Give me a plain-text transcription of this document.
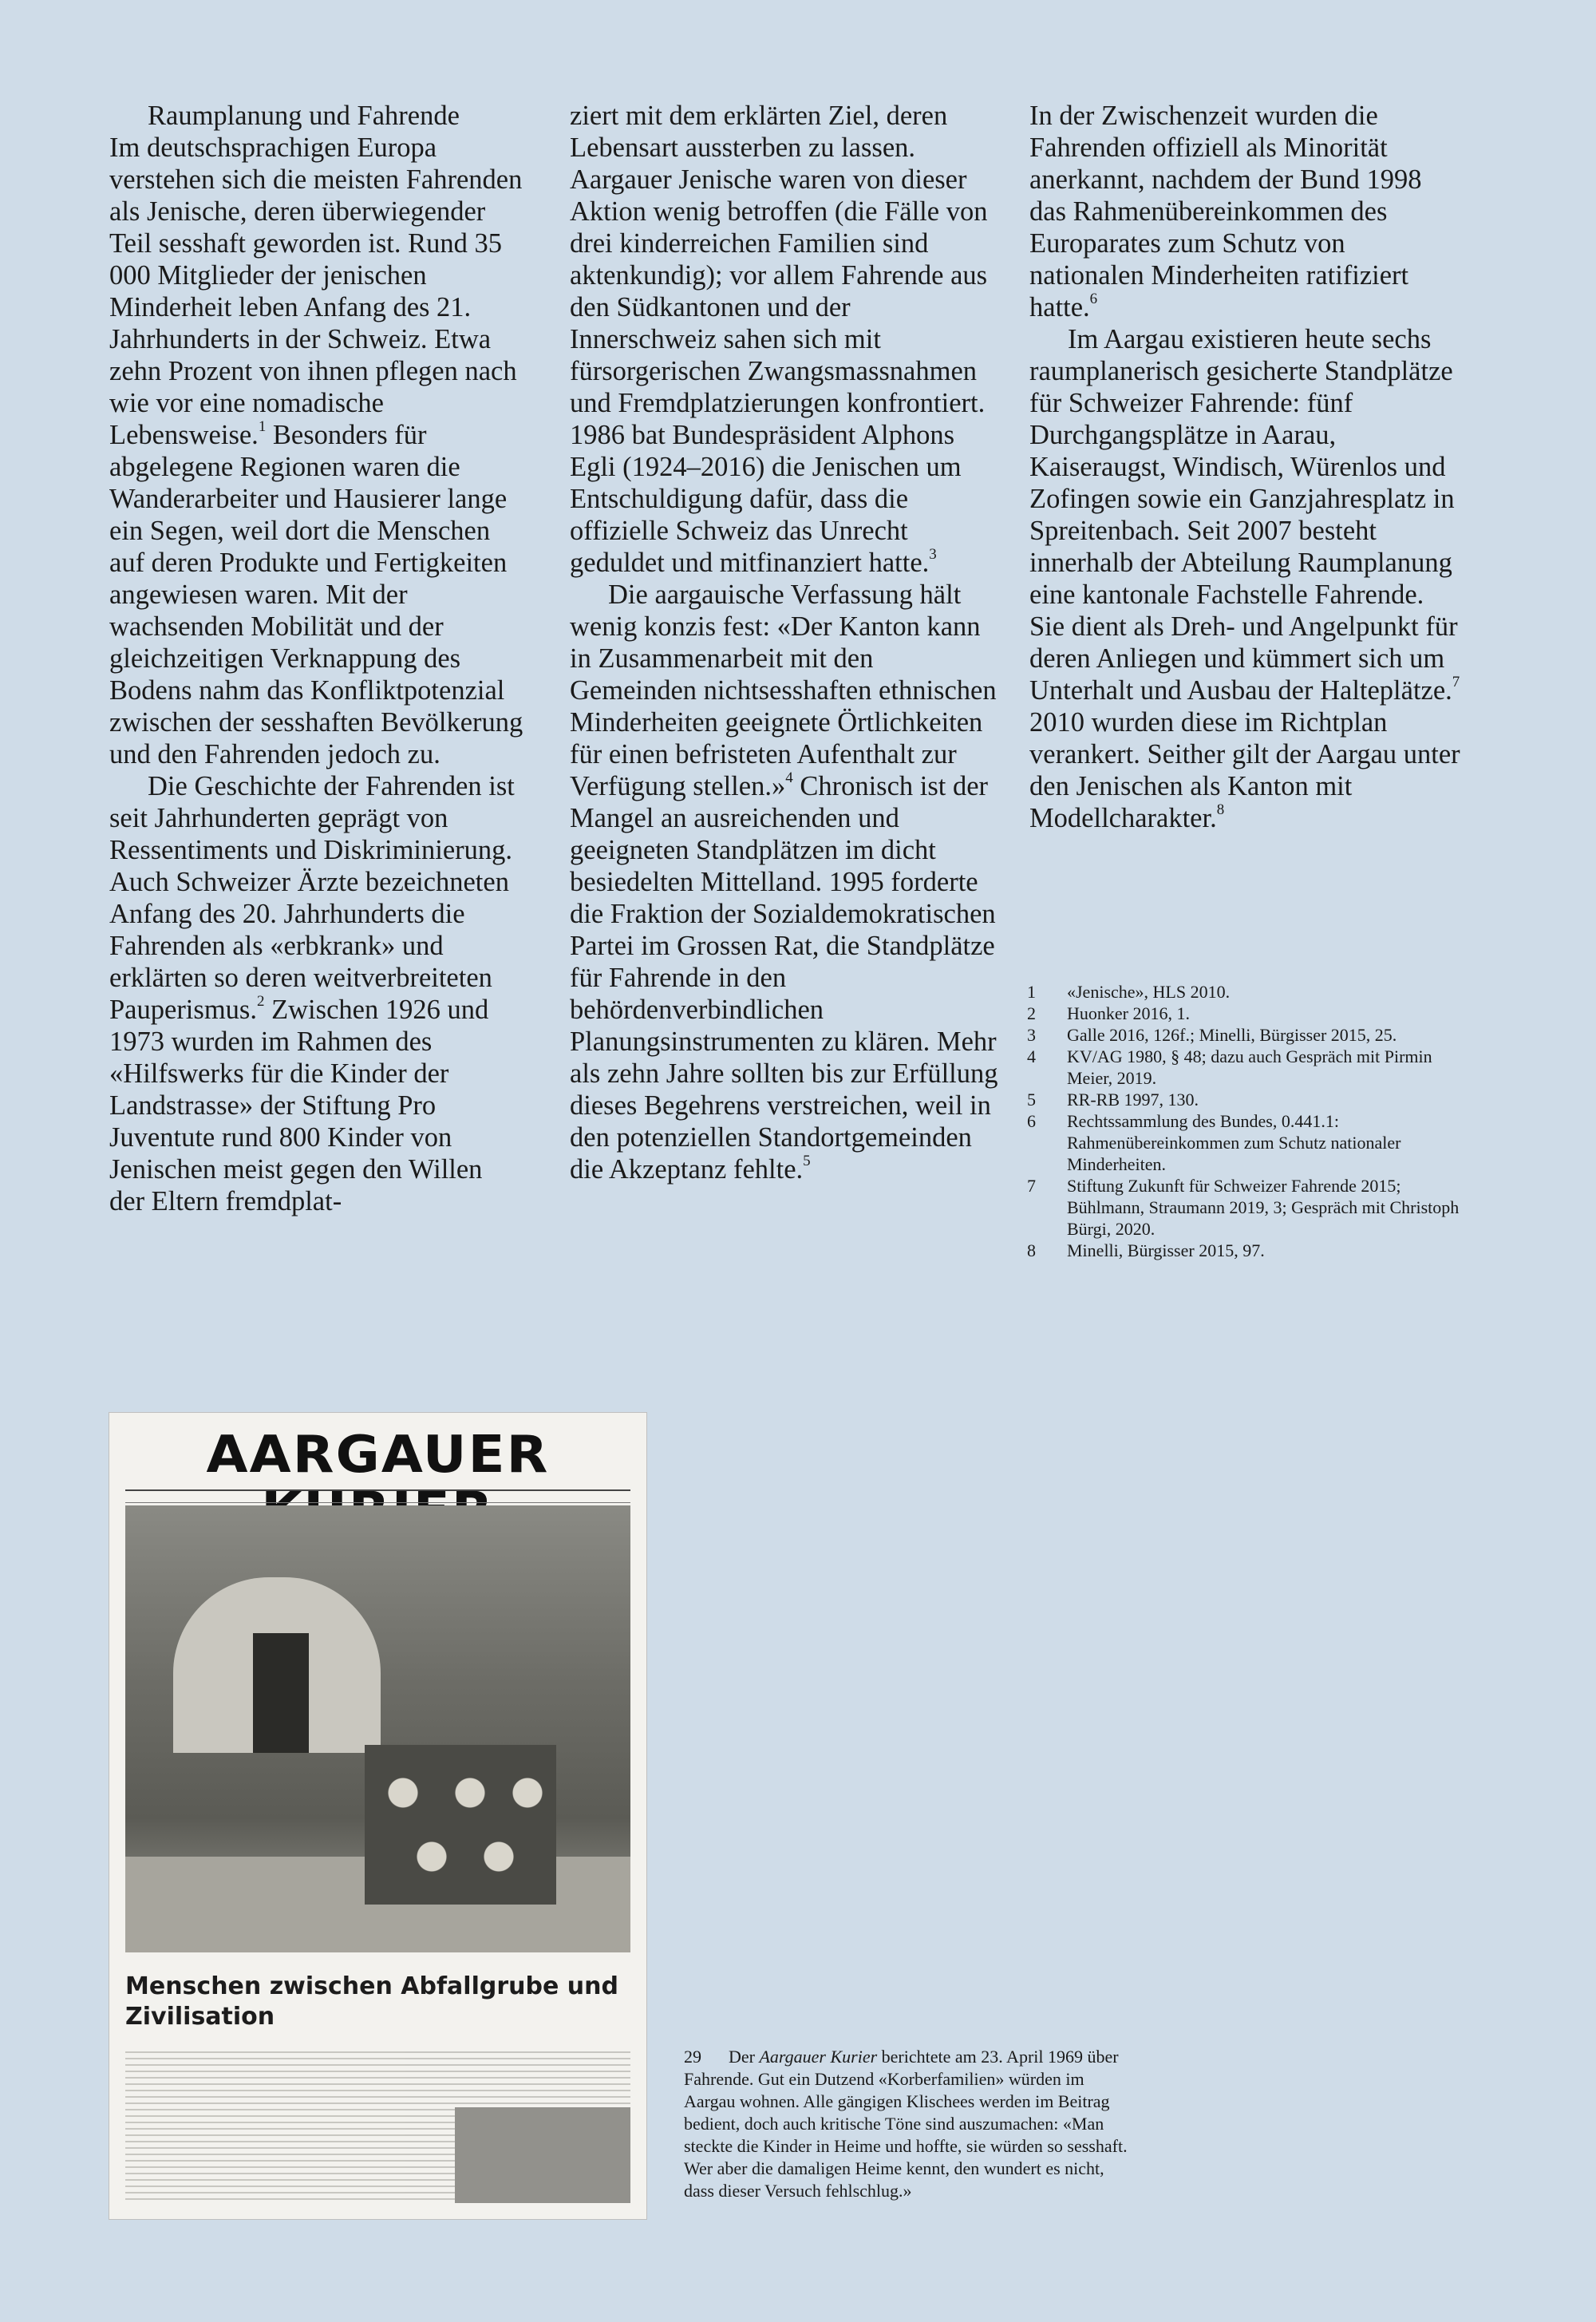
Raumplanung und Fahrende

Im deutschsprachigen Europa verstehen sich die meisten Fahrenden als Jenische, deren überwiegender Teil sesshaft geworden ist. Rund 35 000 Mitglieder der jenischen Minderheit leben Anfang des 21. Jahrhunderts in der Schweiz. Etwa zehn Prozent von ihnen pflegen nach wie vor eine nomadische Lebensweise.$^1$ Besonders für abgelegene Regionen waren die Wanderarbeiter und Hausierer lange ein Segen, weil dort die Menschen auf deren Produkte und Fertigkeiten angewiesen waren. Mit der wachsenden Mobilität und der gleichzeitigen Verknappung des Bodens nahm das Konfliktpotenzial zwischen der sesshaften Bevölkerung und den Fahrenden jedoch zu.

Die Geschichte der Fahrenden ist seit Jahrhunderten geprägt von Ressentiments und Diskriminierung. Auch Schweizer Ärzte bezeichneten Anfang des 20. Jahrhunderts die Fahrenden als «erbkrank» und erklärten so deren weitverbreiteten Pauperismus.$^2$ Zwischen 1926 und 1973 wurden im Rahmen des «Hilfswerks für die Kinder der Landstrasse» der Stiftung Pro Juventute rund 800 Kinder von Jenischen meist gegen den Willen der Eltern fremdplat-

ziert mit dem erklärten Ziel, deren Lebensart aussterben zu lassen. Aargauer Jenische waren von dieser Aktion wenig betroffen (die Fälle von drei kinderreichen Familien sind aktenkundig); vor allem Fahrende aus den Südkantonen und der Innerschweiz sahen sich mit fürsorgerischen Zwangsmassnahmen und Fremdplatzierungen konfrontiert. 1986 bat Bundespräsident Alphons Egli (1924–2016) die Jenischen um Entschuldigung dafür, dass die offizielle Schweiz das Unrecht geduldet und mitfinanziert hatte.$^3$

Die aargauische Verfassung hält wenig konzis fest: «Der Kanton kann in Zusammenarbeit mit den Gemeinden nichtsesshaften ethnischen Minderheiten geeignete Örtlichkeiten für einen befristeten Aufenthalt zur Verfügung stellen.»$^4$ Chronisch ist der Mangel an ausreichenden und geeigneten Standplätzen im dicht besiedelten Mittelland. 1995 forderte die Fraktion der Sozialdemokratischen Partei im Grossen Rat, die Standplätze für Fahrende in den behördenverbindlichen Planungsinstrumenten zu klären. Mehr als zehn Jahre sollten bis zur Erfüllung dieses Begehrens verstreichen, weil in den potenziellen Standortgemeinden die Akzeptanz fehlte.$^5$

In der Zwischenzeit wurden die Fahrenden offiziell als Minorität anerkannt, nachdem der Bund 1998 das Rahmenübereinkommen des Europarates zum Schutz von nationalen Minderheiten ratifiziert hatte.$^6$

Im Aargau existieren heute sechs raumplanerisch gesicherte Standplätze für Schweizer Fahrende: fünf Durchgangsplätze in Aarau, Kaiseraugst, Windisch, Würenlos und Zofingen sowie ein Ganzjahresplatz in Spreitenbach. Seit 2007 besteht innerhalb der Abteilung Raumplanung eine kantonale Fachstelle Fahrende. Sie dient als Dreh- und Angelpunkt für deren Anliegen und kümmert sich um Unterhalt und Ausbau der Halteplätze.$^7$ 2010 wurden diese im Richtplan verankert. Seither gilt der Aargau unter den Jenischen als Kanton mit Modellcharakter.$^8$

1	«Jenische», HLS 2010.
2	Huonker 2016, 1.
3	Galle 2016, 126f.; Minelli, Bürgisser 2015, 25.
4	KV/AG 1980, § 48; dazu auch Gespräch mit Pirmin Meier, 2019.
5	RR-RB 1997, 130.
6	Rechtssammlung des Bundes, 0.441.1: Rahmenübereinkommen zum Schutz nationaler Minderheiten.
7	Stiftung Zukunft für Schweizer Fahrende 2015; Bühlmann, Straumann 2019, 3; Gespräch mit Christoph Bürgi, 2020.
8	Minelli, Bürgisser 2015, 97.
AARGAUER
Menschen zwischen Abfallgrube und Zivilisation
29 Der Aargauer Kurier berichtete am 23. April 1969 über Fahrende. Gut ein Dutzend «Korberfamilien» würden im Aargau wohnen. Alle gängigen Klischees werden im Beitrag bedient, doch auch kritische Töne sind auszumachen: «Man steckte die Kinder in Heime und hoffte, sie würden so sesshaft. Wer aber die damaligen Heime kennt, den wundert es nicht, dass dieser Versuch fehlschlug.»
